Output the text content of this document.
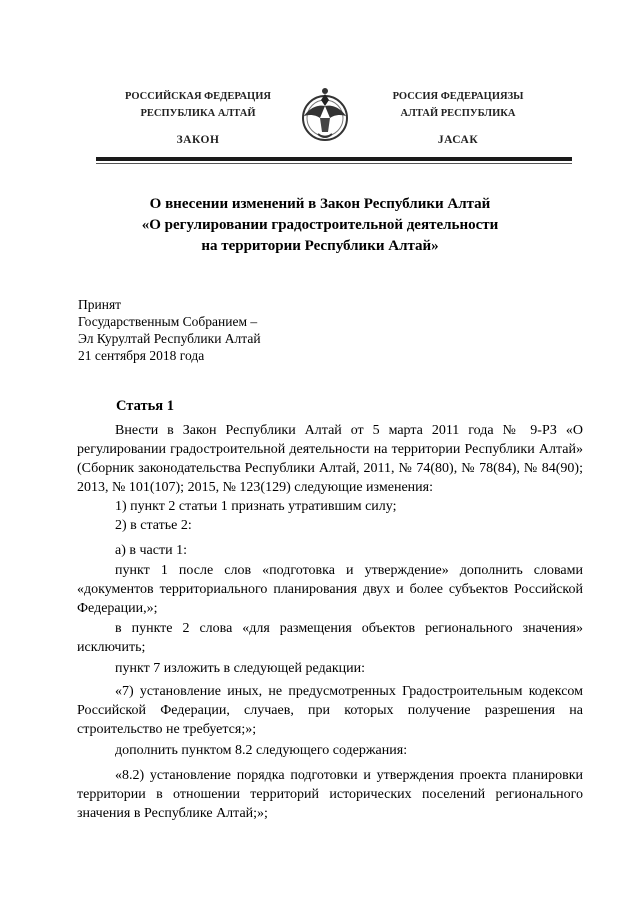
РОССИЙСКАЯ ФЕДЕРАЦИЯ
РЕСПУБЛИКА АЛТАЙ
ЗАКОН
РОССИЯ ФЕДЕРАЦИЯЗЫ
АЛТАЙ РЕСПУБЛИКА
JАСАК
О внесении изменений в Закон Республики Алтай
«О регулировании градостроительной деятельности
на территории Республики Алтай»
Принят
Государственным Собранием –
Эл Курултай Республики Алтай
21 сентября 2018 года
Статья 1

Внести в Закон Республики Алтай от 5 марта 2011 года № 9-РЗ «О регулировании градостроительной деятельности на территории Республики Алтай» (Сборник законодательства Республики Алтай, 2011, № 74(80), № 78(84), № 84(90); 2013, № 101(107); 2015, № 123(129) следующие изменения:

1) пункт 2 статьи 1 признать утратившим силу;
2) в статье 2:
а) в части 1:

пункт 1 после слов «подготовка и утверждение» дополнить словами «документов территориального планирования двух и более субъектов Российской Федерации,»;

в пункте 2 слова «для размещения объектов регионального значения» исключить;

пункт 7 изложить в следующей редакции:

«7) установление иных, не предусмотренных Градостроительным кодексом Российской Федерации, случаев, при которых получение разрешения на строительство не требуется;»;

дополнить пунктом 8.2 следующего содержания:

«8.2) установление порядка подготовки и утверждения проекта планировки территории в отношении территорий исторических поселений регионального значения в Республике Алтай;»;
